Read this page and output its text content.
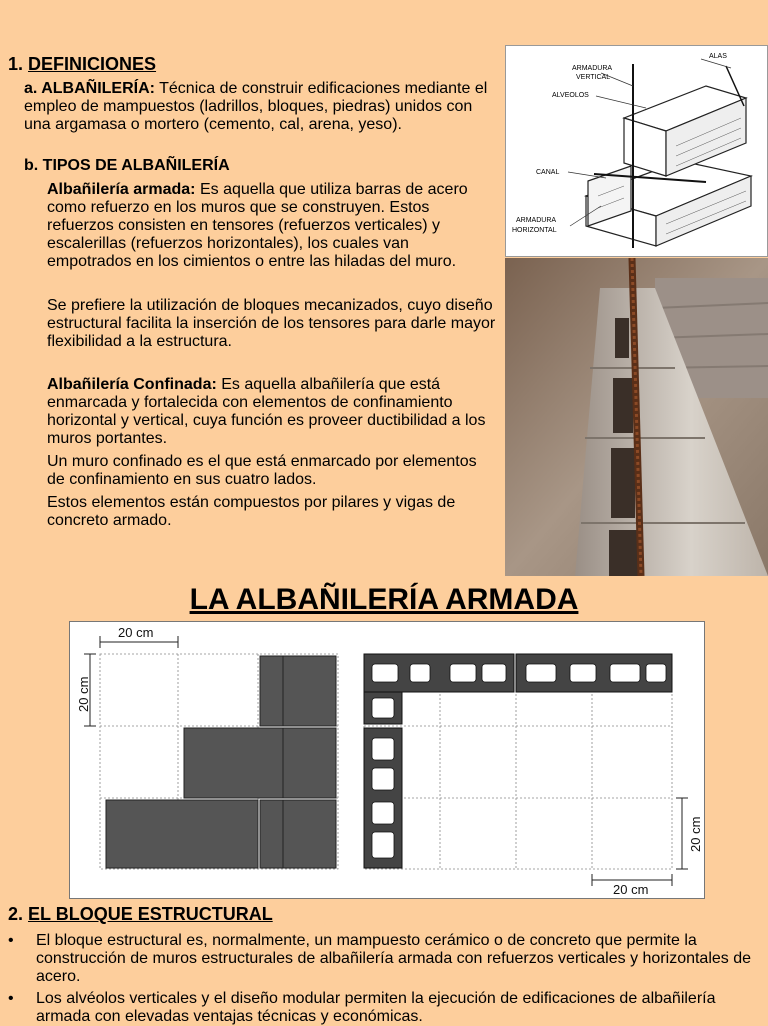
1. DEFINICIONES
a. ALBAÑILERÍA: Técnica de construir edificaciones mediante el empleo de mampuestos (ladrillos, bloques, piedras) unidos con una argamasa o mortero (cemento, cal, arena, yeso).
b. TIPOS DE ALBAÑILERÍA
Albañilería armada: Es aquella que utiliza barras de acero como refuerzo en los muros que se construyen. Estos refuerzos consisten en tensores (refuerzos verticales) y escalerillas (refuerzos horizontales), los cuales van empotrados en los cimientos o entre las hiladas del muro.
Se prefiere la utilización de bloques mecanizados, cuyo diseño estructural facilita la inserción de los tensores para darle mayor flexibilidad a la estructura.
Albañilería Confinada: Es aquella albañilería que está enmarcada y fortalecida con elementos de confinamiento horizontal y vertical, cuya función es proveer ductibilidad a los muros portantes.
Un muro confinado es el que está enmarcado por elementos de confinamiento en sus cuatro lados.
Estos elementos están compuestos por pilares y vigas de concreto armado.
ARMADURA
VERTICAL
ALVEOLOS
CANAL
ARMADURA
HORIZONTAL
ALAS
LA ALBAÑILERÍA ARMADA
20 cm
20 cm
20 cm
20 cm
2. EL BLOQUE ESTRUCTURAL
• El bloque estructural es, normalmente, un mampuesto cerámico o de concreto que permite la construcción de muros estructurales de albañilería armada con refuerzos verticales y horizontales de acero.
• Los alvéolos verticales y el diseño modular permiten la ejecución de edificaciones de albañilería armada con elevadas ventajas técnicas y económicas.
